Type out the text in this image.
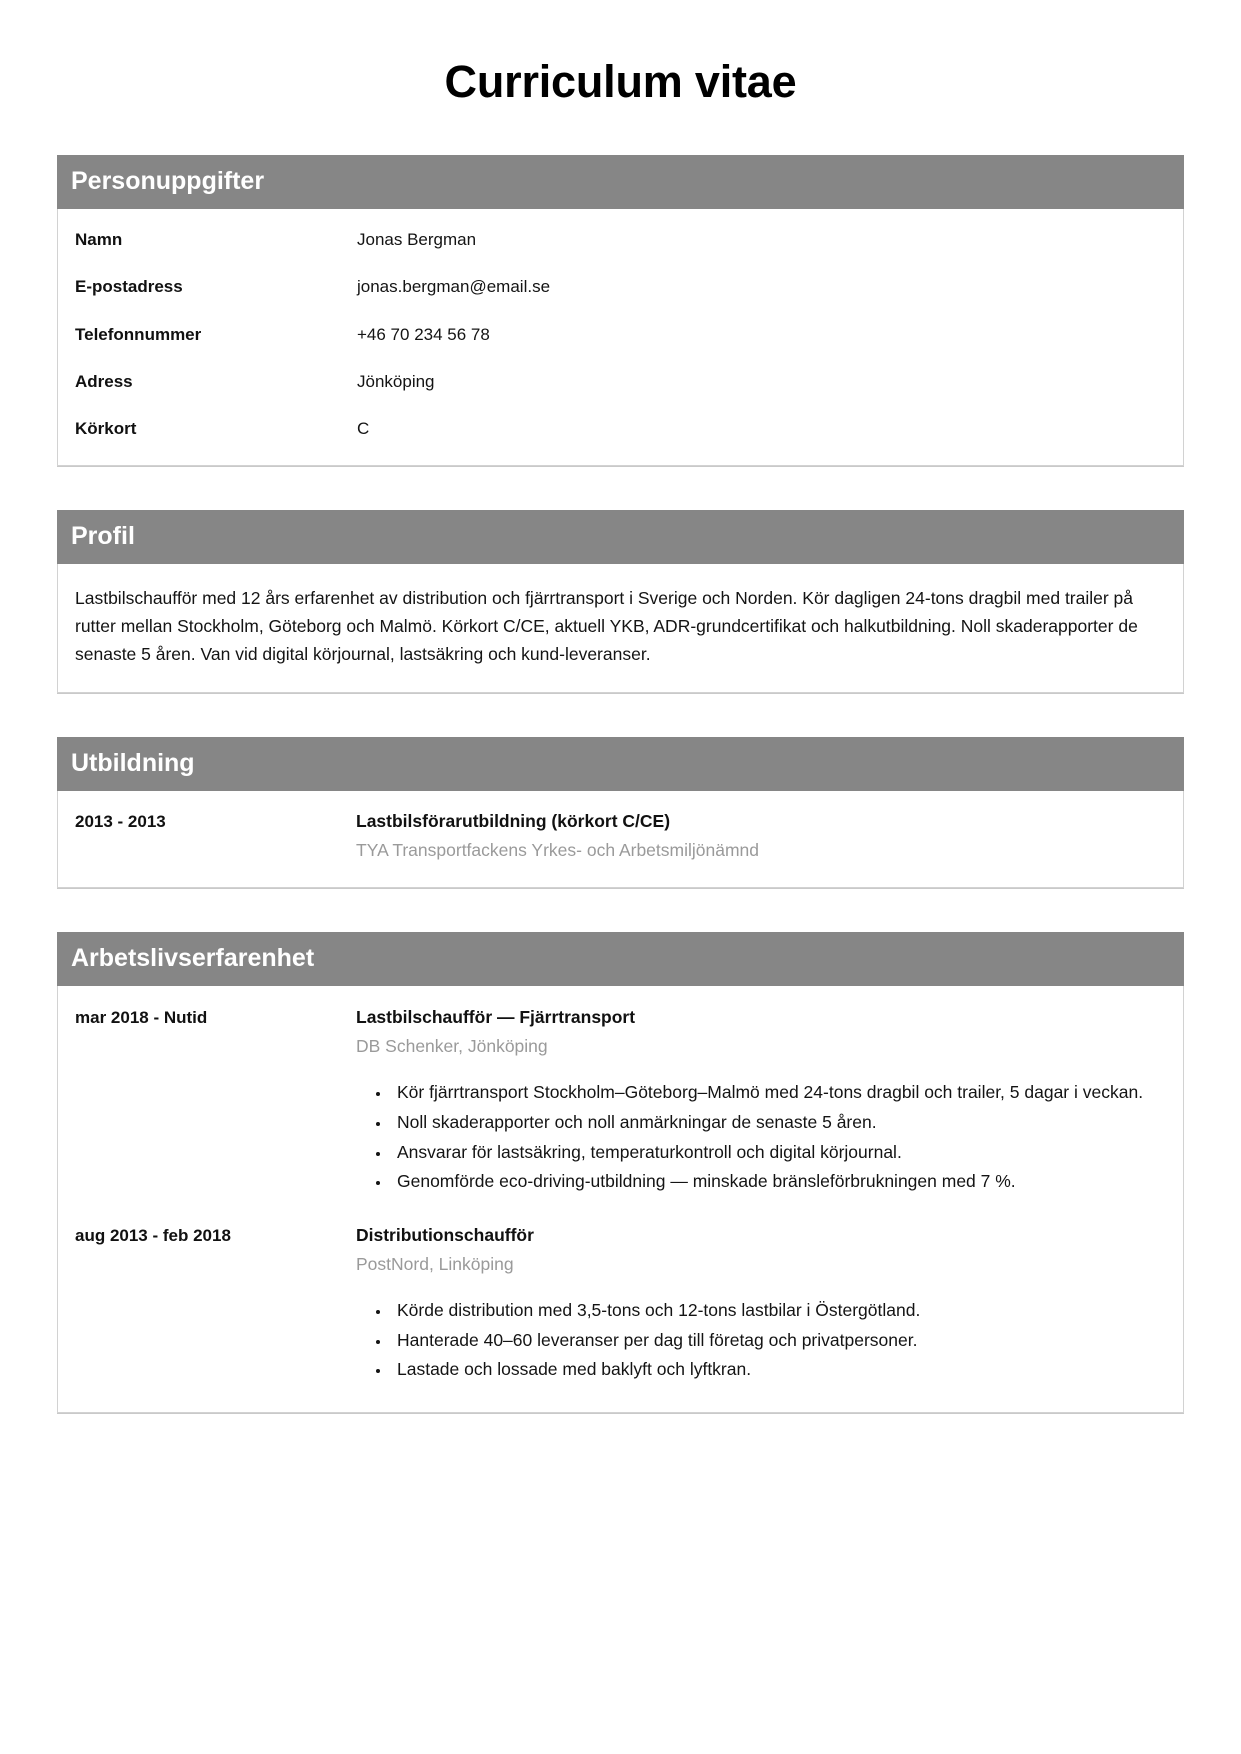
Curriculum vitae
Personuppgifter
Namn	Jonas Bergman
E-postadress	jonas.bergman@email.se
Telefonnummer	+46 70 234 56 78
Adress	Jönköping
Körkort	C
Profil

Lastbilschaufför med 12 års erfarenhet av distribution och fjärrtransport i Sverige och Norden. Kör dagligen 24-tons dragbil med trailer på rutter mellan Stockholm, Göteborg och Malmö. Körkort C/CE, aktuell YKB, ADR-grundcertifikat och halkutbildning. Noll skaderapporter de senaste 5 åren. Van vid digital körjournal, lastsäkring och kund-leveranser.

Utbildning
2013 - 2013	Lastbilsförarutbildning (körkort C/CE)
TYA Transportfackens Yrkes- och Arbetsmiljönämnd
Arbetslivserfarenhet
mar 2018 - Nutid	Lastbilschaufför — Fjärrtransport
DB Schenker, Jönköping
• Kör fjärrtransport Stockholm–Göteborg–Malmö med 24-tons dragbil och trailer, 5 dagar i veckan.
• Noll skaderapporter och noll anmärkningar de senaste 5 åren.
• Ansvarar för lastsäkring, temperaturkontroll och digital körjournal.
• Genomförde eco-driving-utbildning — minskade bränsleförbrukningen med 7 %.
aug 2013 - feb 2018	Distributionschaufför
PostNord, Linköping
• Körde distribution med 3,5-tons och 12-tons lastbilar i Östergötland.
• Hanterade 40–60 leveranser per dag till företag och privatpersoner.
• Lastade och lossade med baklyft och lyftkran.
